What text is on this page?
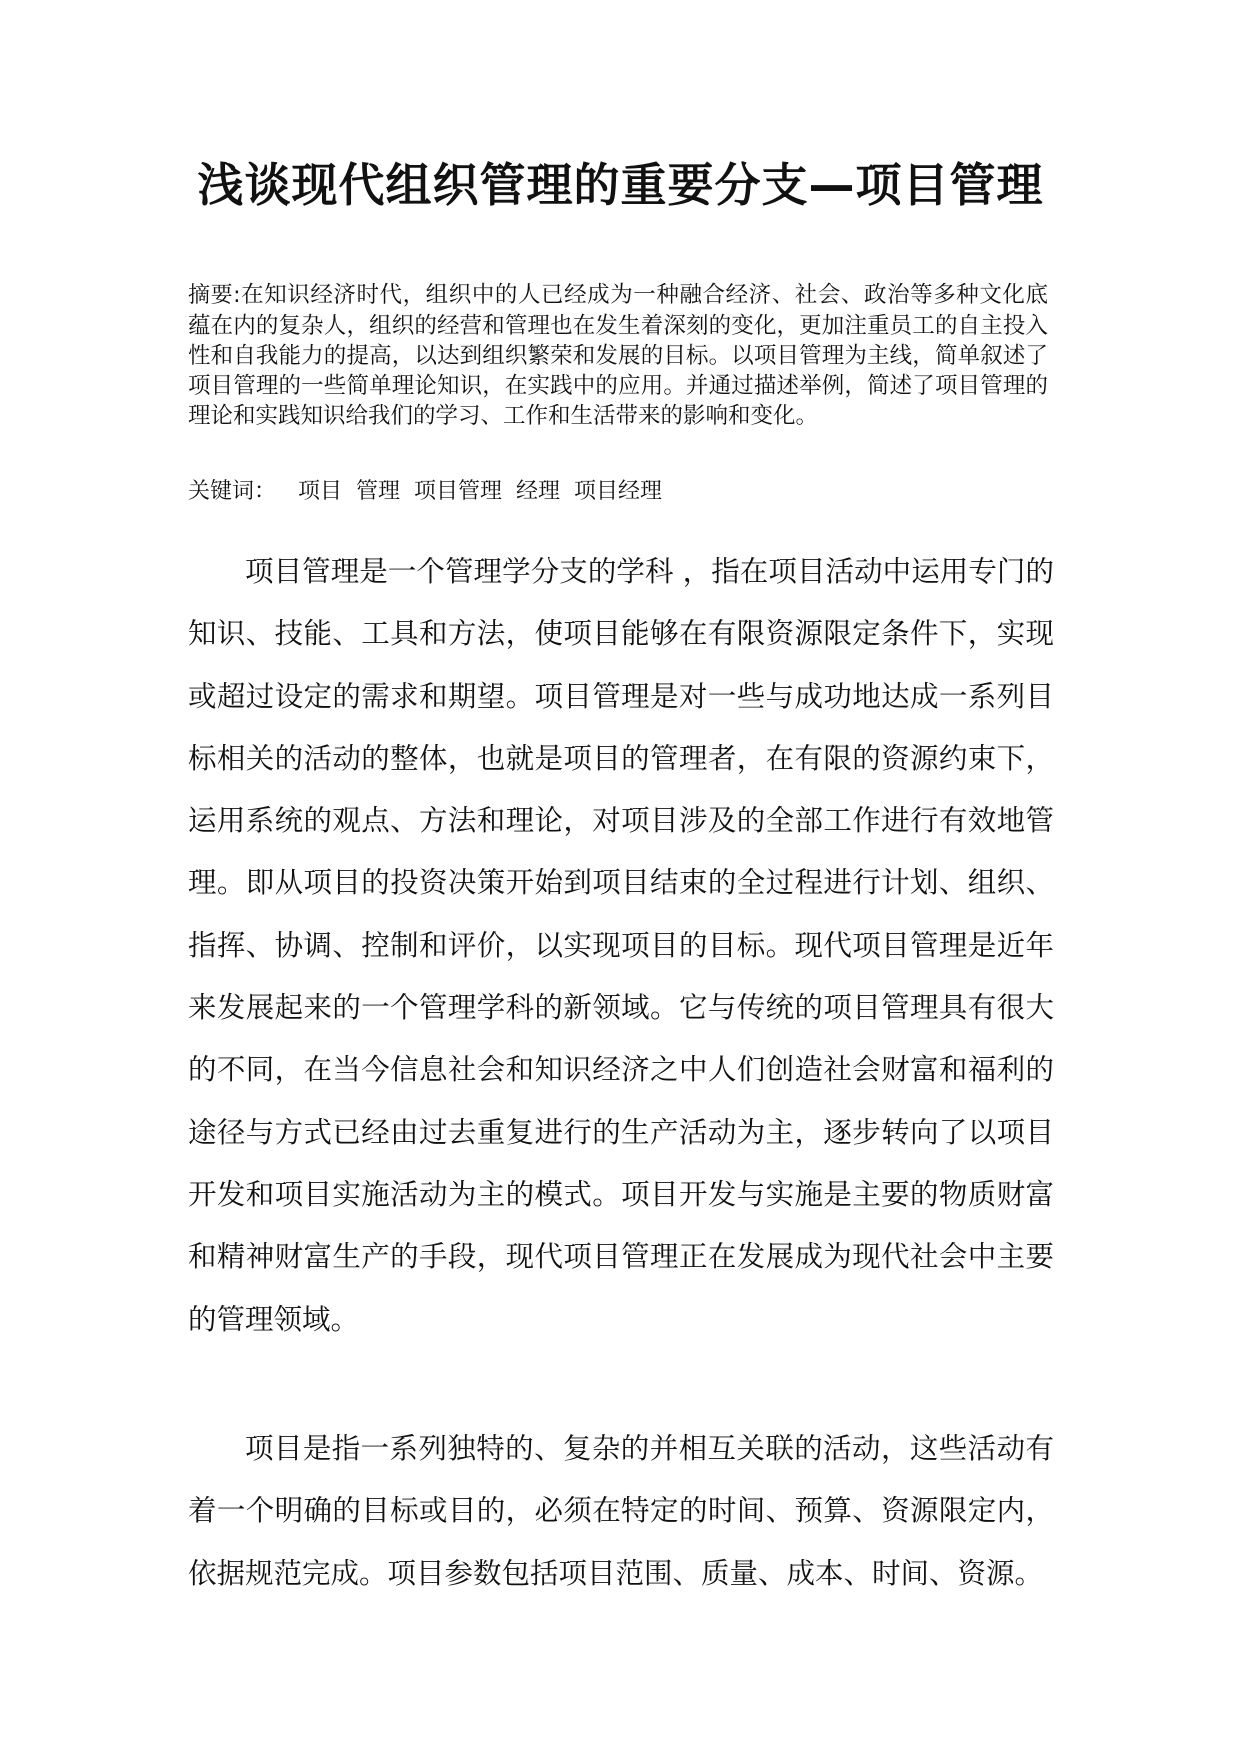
浅谈现代组织管理的重要分支—项目管理

摘要:在知识经济时代，组织中的人已经成为一种融合经济、社会、政治等多种文化底蕴在内的复杂人，组织的经营和管理也在发生着深刻的变化，更加注重员工的自主投入性和自我能力的提高，以达到组织繁荣和发展的目标。以项目管理为主线，简单叙述了项目管理的一些简单理论知识，在实践中的应用。并通过描述举例，简述了项目管理的理论和实践知识给我们的学习、工作和生活带来的影响和变化。

关键词： 项目  管理  项目管理  经理  项目经理

项目管理是一个管理学分支的学科 ，指在项目活动中运用专门的知识、技能、工具和方法，使项目能够在有限资源限定条件下，实现或超过设定的需求和期望。项目管理是对一些与成功地达成一系列目标相关的活动的整体，也就是项目的管理者，在有限的资源约束下，运用系统的观点、方法和理论，对项目涉及的全部工作进行有效地管理。即从项目的投资决策开始到项目结束的全过程进行计划、组织、指挥、协调、控制和评价，以实现项目的目标。现代项目管理是近年来发展起来的一个管理学科的新领域。它与传统的项目管理具有很大的不同，在当今信息社会和知识经济之中人们创造社会财富和福利的途径与方式已经由过去重复进行的生产活动为主，逐步转向了以项目开发和项目实施活动为主的模式。项目开发与实施是主要的物质财富和精神财富生产的手段，现代项目管理正在发展成为现代社会中主要的管理领域。

项目是指一系列独特的、复杂的并相互关联的活动，这些活动有着一个明确的目标或目的，必须在特定的时间、预算、资源限定内，依据规范完成。项目参数包括项目范围、质量、成本、时间、资源。
